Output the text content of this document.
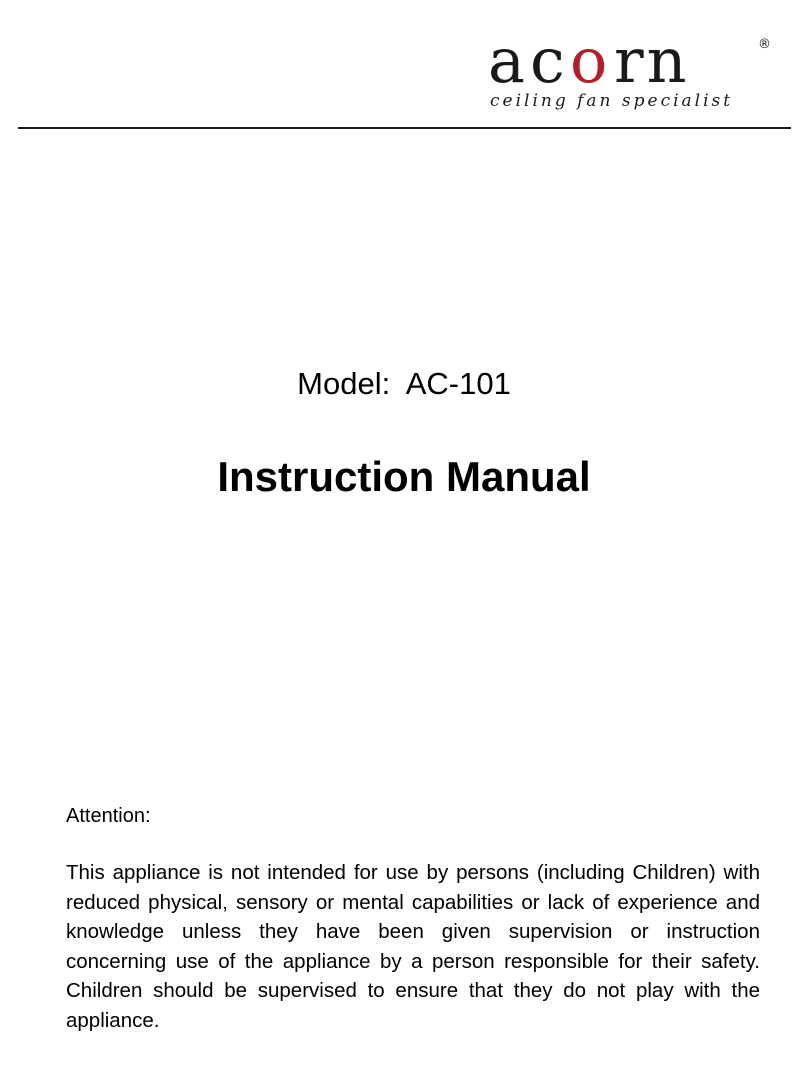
a c o rn	®
ceiling fan specialist
Model:  AC-101
Instruction Manual
Attention:

This appliance is not intended for use by persons (including Children) with reduced physical, sensory or mental capabilities or lack of experience and knowledge unless they have been given supervision or instruction concerning use of the appliance by a person responsible for their safety. Children should be supervised to ensure that they do not play with the appliance.
